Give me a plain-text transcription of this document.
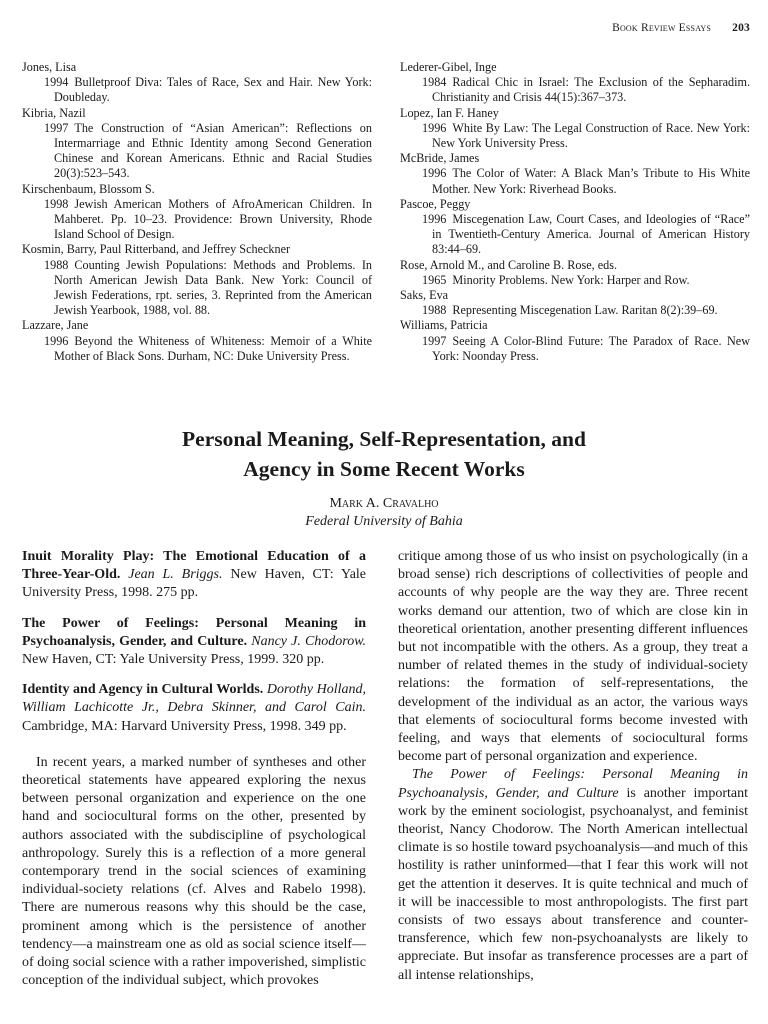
Book Review Essays 203
Jones, Lisa
1994 Bulletproof Diva: Tales of Race, Sex and Hair. New York: Doubleday.
Kibria, Nazil
1997 The Construction of “Asian American”: Reflections on Intermarriage and Ethnic Identity among Second Generation Chinese and Korean Americans. Ethnic and Racial Studies 20(3):523–543.
Kirschenbaum, Blossom S.
1998 Jewish American Mothers of AfroAmerican Children. In Mahberet. Pp. 10–23. Providence: Brown University, Rhode Island School of Design.
Kosmin, Barry, Paul Ritterband, and Jeffrey Scheckner
1988 Counting Jewish Populations: Methods and Problems. In North American Jewish Data Bank. New York: Council of Jewish Federations, rpt. series, 3. Reprinted from the American Jewish Yearbook, 1988, vol. 88.
Lazzare, Jane
1996 Beyond the Whiteness of Whiteness: Memoir of a White Mother of Black Sons. Durham, NC: Duke University Press.
Lederer-Gibel, Inge
1984 Radical Chic in Israel: The Exclusion of the Sepharadim. Christianity and Crisis 44(15):367–373.
Lopez, Ian F. Haney
1996 White By Law: The Legal Construction of Race. New York: New York University Press.
McBride, James
1996 The Color of Water: A Black Man’s Tribute to His White Mother. New York: Riverhead Books.
Pascoe, Peggy
1996 Miscegenation Law, Court Cases, and Ideologies of “Race” in Twentieth-Century America. Journal of American History 83:44–69.
Rose, Arnold M., and Caroline B. Rose, eds.
1965 Minority Problems. New York: Harper and Row.
Saks, Eva
1988 Representing Miscegenation Law. Raritan 8(2):39–69.
Williams, Patricia
1997 Seeing A Color-Blind Future: The Paradox of Race. New York: Noonday Press.
Personal Meaning, Self-Representation, and
Agency in Some Recent Works
Mark A. Cravalho
Federal University of Bahia
Inuit Morality Play: The Emotional Education of a Three-Year-Old. Jean L. Briggs. New Haven, CT: Yale University Press, 1998. 275 pp.
The Power of Feelings: Personal Meaning in Psychoanalysis, Gender, and Culture. Nancy J. Chodorow. New Haven, CT: Yale University Press, 1999. 320 pp.
Identity and Agency in Cultural Worlds. Dorothy Holland, William Lachicotte Jr., Debra Skinner, and Carol Cain. Cambridge, MA: Harvard University Press, 1998. 349 pp.

In recent years, a marked number of syntheses and other theoretical statements have appeared exploring the nexus between personal organization and experience on the one hand and sociocultural forms on the other, presented by authors associated with the subdiscipline of psychological anthropology. Surely this is a reflection of a more general contemporary trend in the social sciences of examining individual-society relations (cf. Alves and Rabelo 1998). There are numerous reasons why this should be the case, prominent among which is the persistence of another tendency—a mainstream one as old as social science itself—of doing social science with a rather impoverished, simplistic conception of the individual subject, which provokes

critique among those of us who insist on psychologically (in a broad sense) rich descriptions of collectivities of people and accounts of why people are the way they are. Three recent works demand our attention, two of which are close kin in theoretical orientation, another presenting different influences but not incompatible with the others. As a group, they treat a number of related themes in the study of individual-society relations: the formation of self-representations, the development of the individual as an actor, the various ways that elements of sociocultural forms become invested with feeling, and ways that elements of sociocultural forms become part of personal organization and experience.

The Power of Feelings: Personal Meaning in Psychoanalysis, Gender, and Culture is another important work by the eminent sociologist, psychoanalyst, and feminist theorist, Nancy Chodorow. The North American intellectual climate is so hostile toward psychoanalysis—and much of this hostility is rather uninformed—that I fear this work will not get the attention it deserves. It is quite technical and much of it will be inaccessible to most anthropologists. The first part consists of two essays about transference and counter-transference, which few non-psychoanalysts are likely to appreciate. But insofar as transference processes are a part of all intense relationships,
